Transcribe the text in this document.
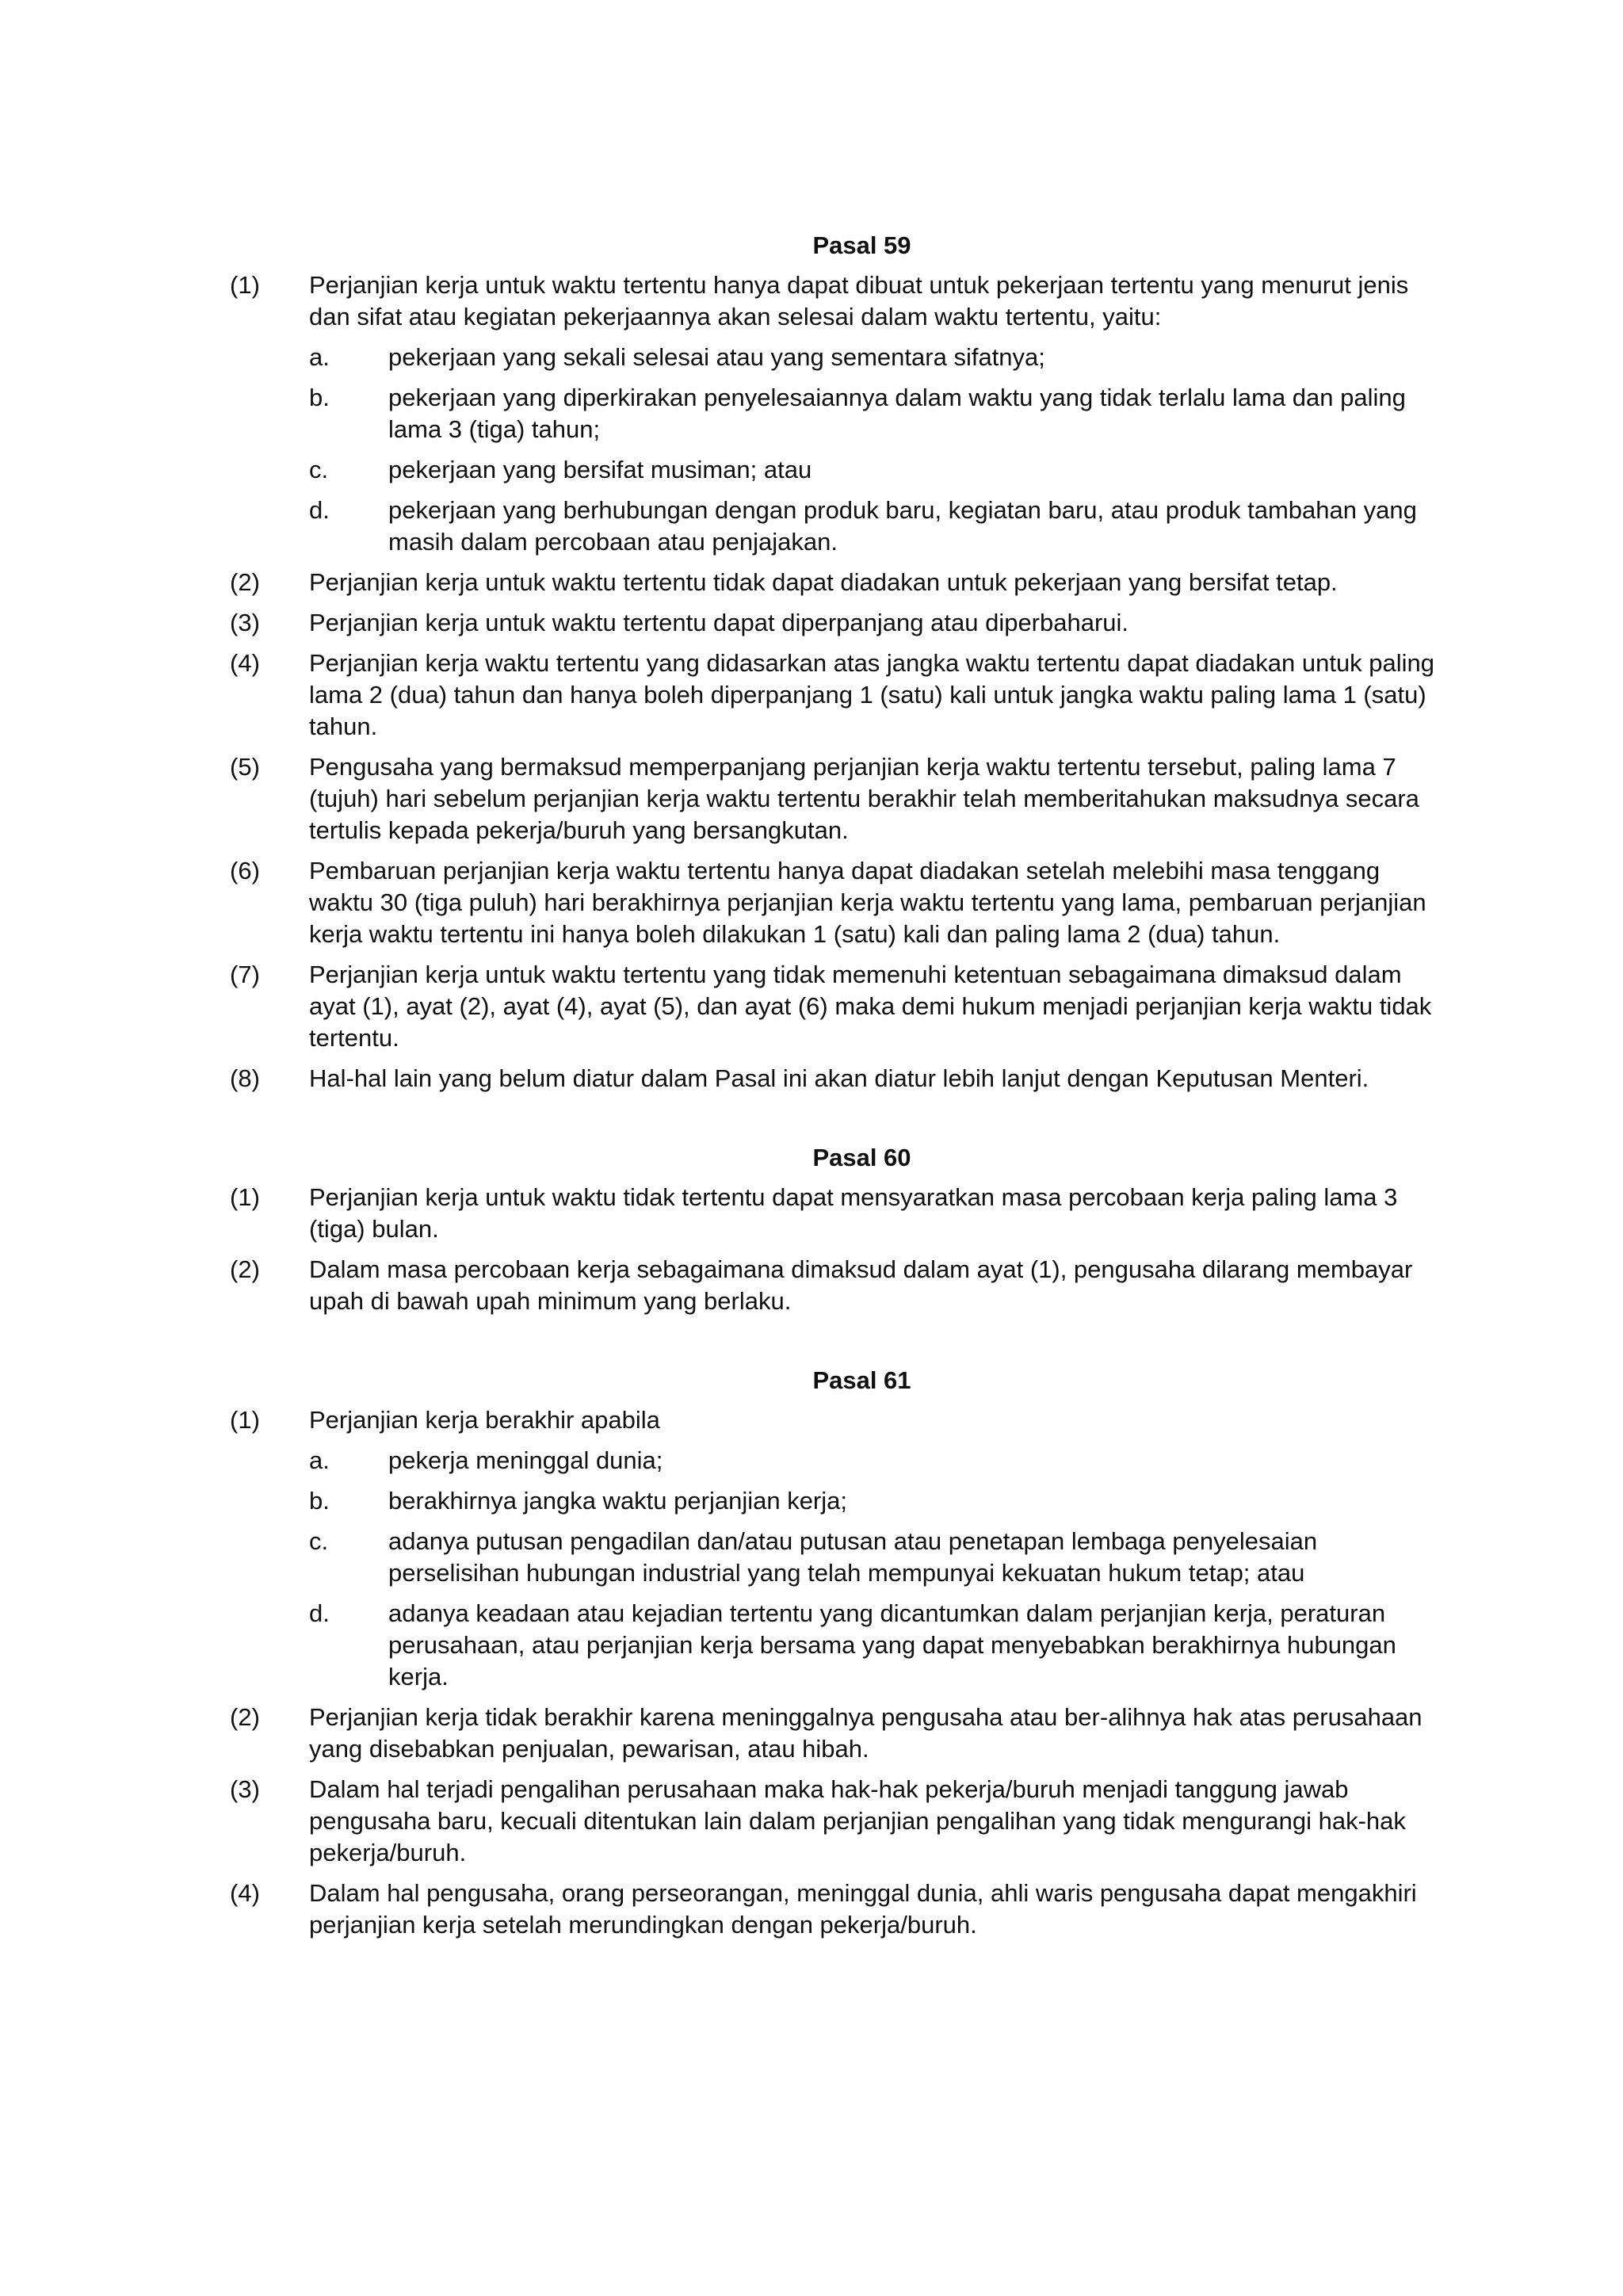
Pasal 59
(1) Perjanjian kerja untuk waktu tertentu hanya dapat dibuat untuk pekerjaan tertentu yang menurut jenis dan sifat atau kegiatan pekerjaannya akan selesai dalam waktu tertentu, yaitu:
a. pekerjaan yang sekali selesai atau yang sementara sifatnya;
b. pekerjaan yang diperkirakan penyelesaiannya dalam waktu yang tidak terlalu lama dan paling lama 3 (tiga) tahun;
c. pekerjaan yang bersifat musiman; atau
d. pekerjaan yang berhubungan dengan produk baru, kegiatan baru, atau produk tambahan yang masih dalam percobaan atau penjajakan.
(2) Perjanjian kerja untuk waktu tertentu tidak dapat diadakan untuk pekerjaan yang bersifat tetap.
(3) Perjanjian kerja untuk waktu tertentu dapat diperpanjang atau diperbaharui.
(4) Perjanjian kerja waktu tertentu yang didasarkan atas jangka waktu tertentu dapat diadakan untuk paling lama 2 (dua) tahun dan hanya boleh diperpanjang 1 (satu) kali untuk jangka waktu paling lama 1 (satu) tahun.
(5) Pengusaha yang bermaksud memperpanjang perjanjian kerja waktu tertentu tersebut, paling lama 7 (tujuh) hari sebelum perjanjian kerja waktu tertentu berakhir telah memberitahukan maksudnya secara tertulis kepada pekerja/buruh yang bersangkutan.
(6) Pembaruan perjanjian kerja waktu tertentu hanya dapat diadakan setelah melebihi masa tenggang waktu 30 (tiga puluh) hari berakhirnya perjanjian kerja waktu tertentu yang lama, pembaruan perjanjian kerja waktu tertentu ini hanya boleh dilakukan 1 (satu) kali dan paling lama 2 (dua) tahun.
(7) Perjanjian kerja untuk waktu tertentu yang tidak memenuhi ketentuan sebagaimana dimaksud dalam ayat (1), ayat (2), ayat (4), ayat (5), dan ayat (6) maka demi hukum menjadi perjanjian kerja waktu tidak tertentu.
(8) Hal-hal lain yang belum diatur dalam Pasal ini akan diatur lebih lanjut dengan Keputusan Menteri.
Pasal 60
(1) Perjanjian kerja untuk waktu tidak tertentu dapat mensyaratkan masa percobaan kerja paling lama 3 (tiga) bulan.
(2) Dalam masa percobaan kerja sebagaimana dimaksud dalam ayat (1), pengusaha dilarang membayar upah di bawah upah minimum yang berlaku.
Pasal 61
(1) Perjanjian kerja berakhir apabila
a. pekerja meninggal dunia;
b. berakhirnya jangka waktu perjanjian kerja;
c. adanya putusan pengadilan dan/atau putusan atau penetapan lembaga penyelesaian perselisihan hubungan industrial yang telah mempunyai kekuatan hukum tetap; atau
d. adanya keadaan atau kejadian tertentu yang dicantumkan dalam perjanjian kerja, peraturan perusahaan, atau perjanjian kerja bersama yang dapat menyebabkan berakhirnya hubungan kerja.
(2) Perjanjian kerja tidak berakhir karena meninggalnya pengusaha atau ber-alihnya hak atas perusahaan yang disebabkan penjualan, pewarisan, atau hibah.
(3) Dalam hal terjadi pengalihan perusahaan maka hak-hak pekerja/buruh menjadi tanggung jawab pengusaha baru, kecuali ditentukan lain dalam perjanjian pengalihan yang tidak mengurangi hak-hak pekerja/buruh.
(4) Dalam hal pengusaha, orang perseorangan, meninggal dunia, ahli waris pengusaha dapat mengakhiri perjanjian kerja setelah merundingkan dengan pekerja/buruh.
